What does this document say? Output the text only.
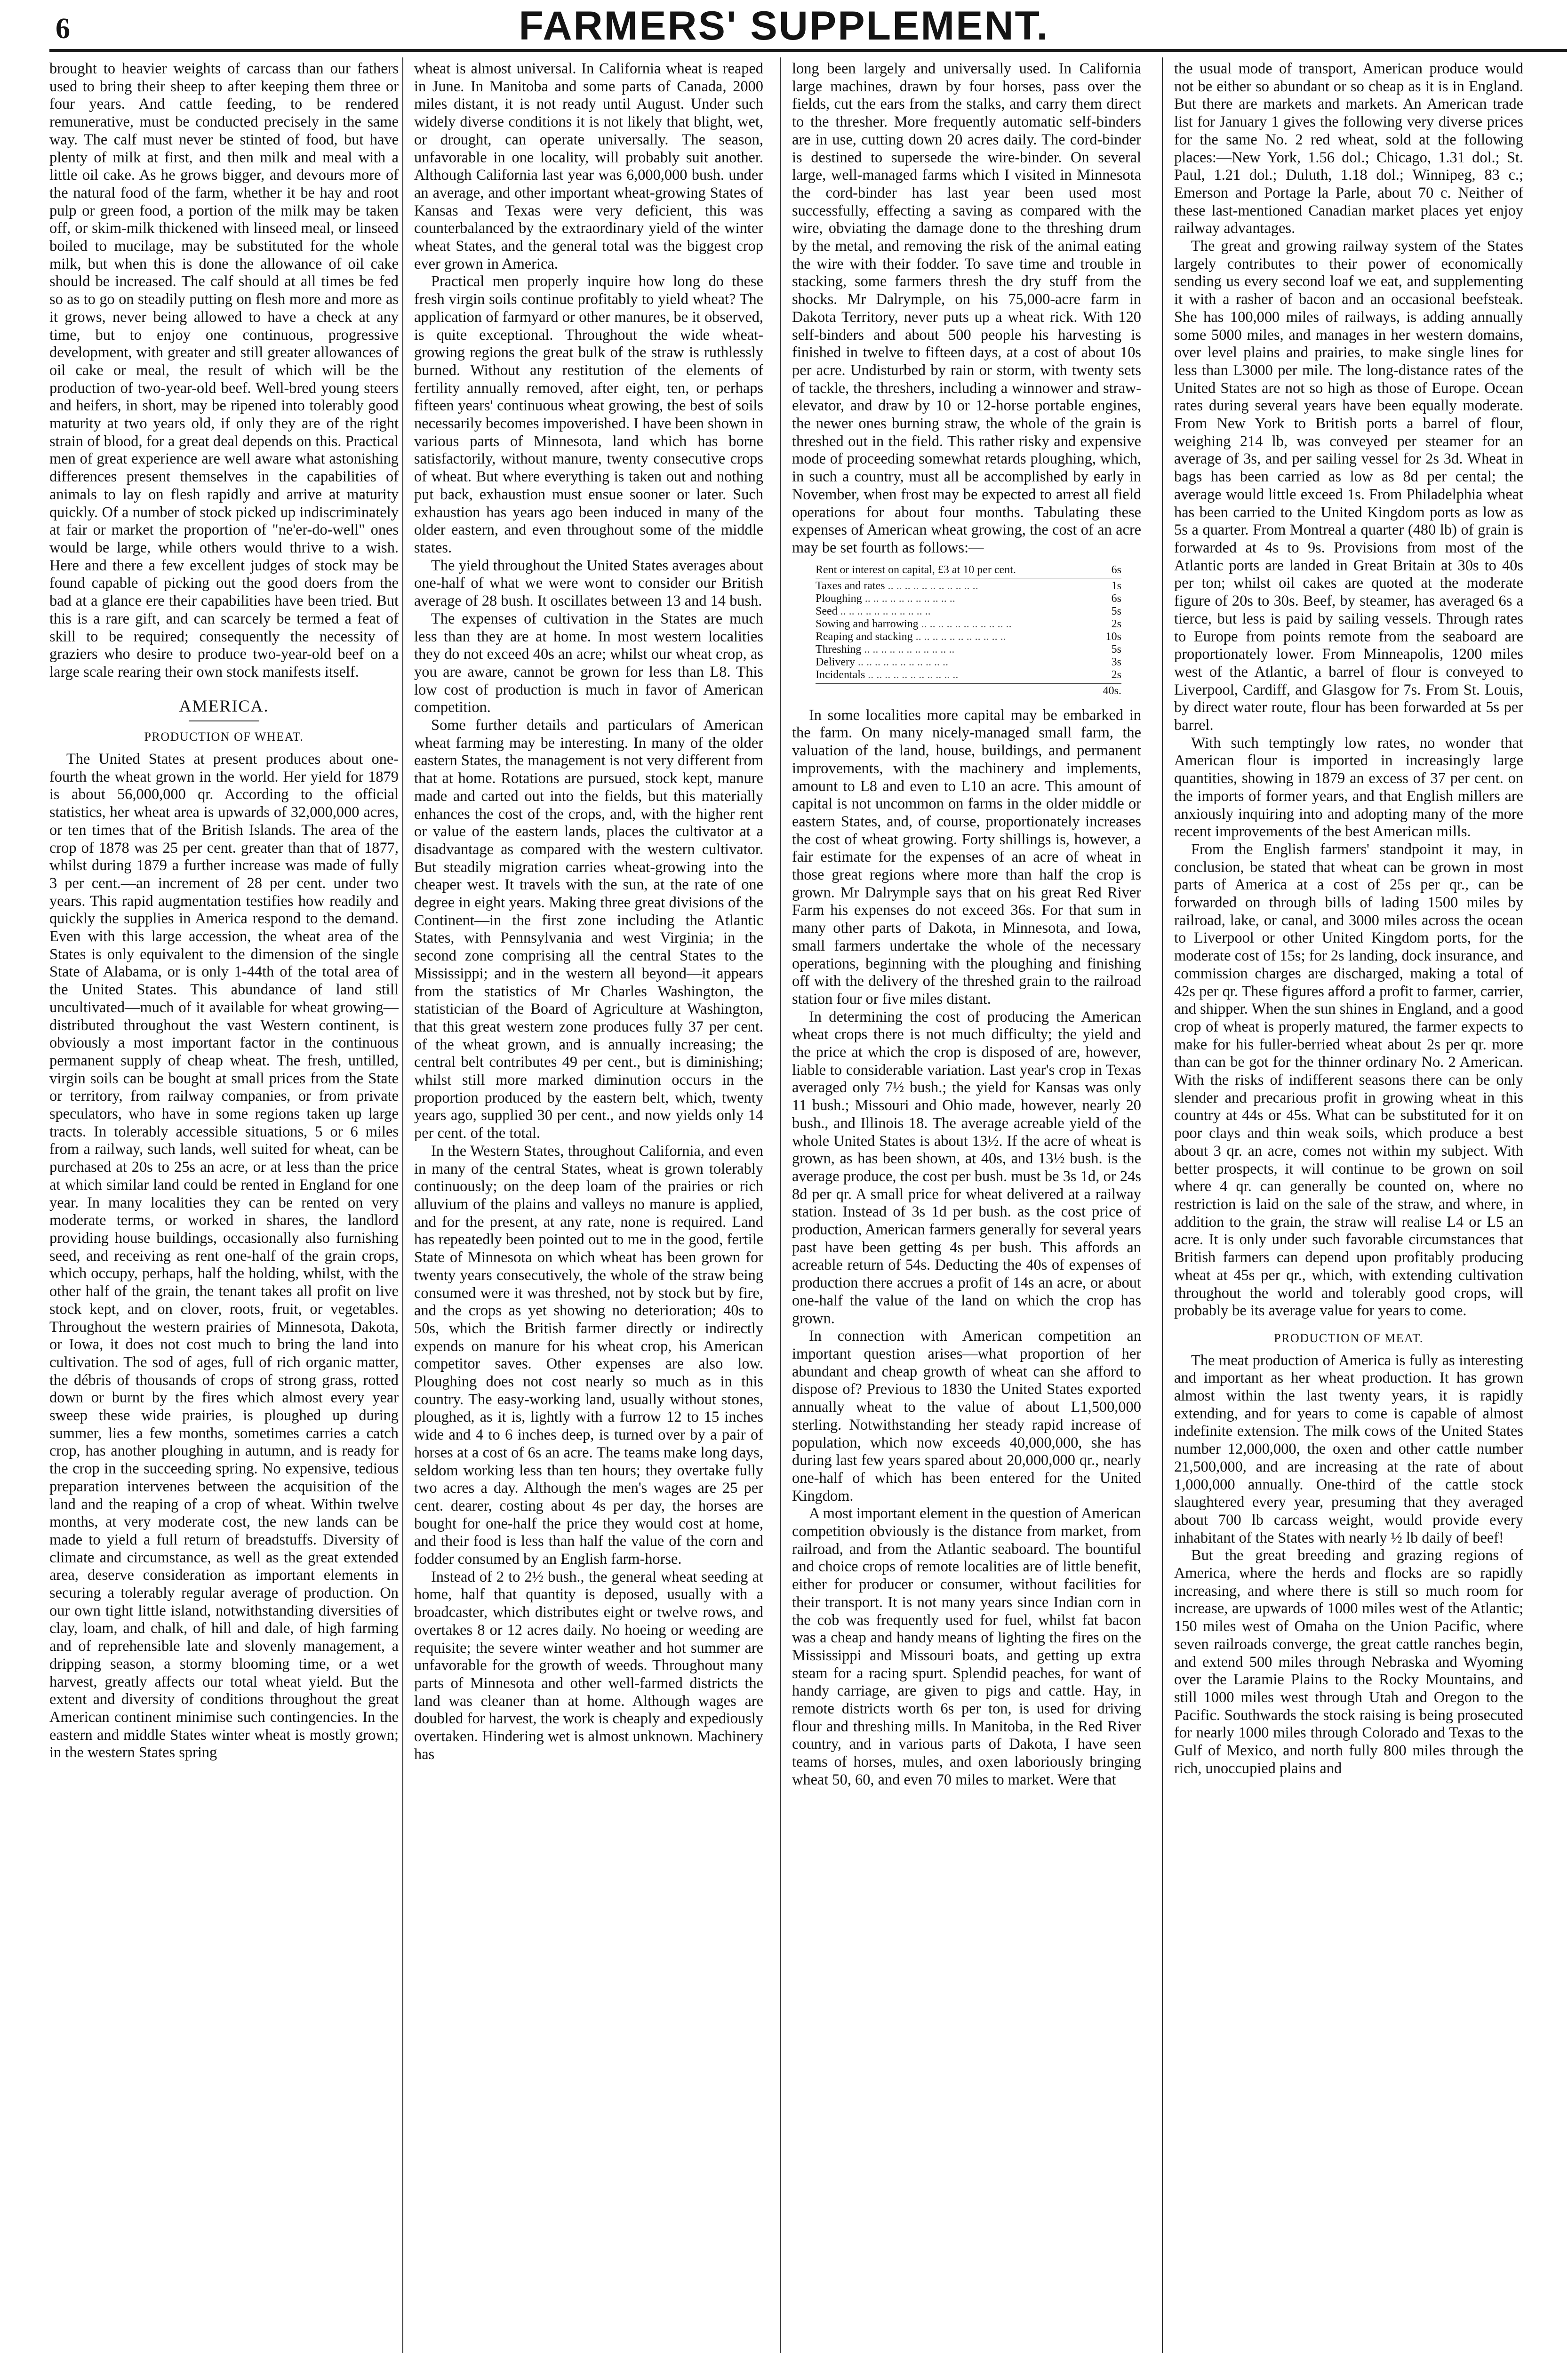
6	FARMERS' SUPPLEMENT.

brought to heavier weights of carcass than our fathers used to bring their sheep to after keeping them three or four years. And cattle feeding, to be rendered remunerative, must be conducted precisely in the same way. The calf must never be stinted of food, but have plenty of milk at first, and then milk and meal with a little oil cake. As he grows bigger, and devours more of the natural food of the farm, whether it be hay and root pulp or green food, a portion of the milk may be taken off, or skim-milk thickened with linseed meal, or linseed boiled to mucilage, may be substituted for the whole milk, but when this is done the allowance of oil cake should be increased. The calf should at all times be fed so as to go on steadily putting on flesh more and more as it grows, never being allowed to have a check at any time, but to enjoy one continuous, progressive development, with greater and still greater allowances of oil cake or meal, the result of which will be the production of two-year-old beef. Well-bred young steers and heifers, in short, may be ripened into tolerably good maturity at two years old, if only they are of the right strain of blood, for a great deal depends on this. Practical men of great experience are well aware what astonishing differences present themselves in the capabilities of animals to lay on flesh rapidly and arrive at maturity quickly. Of a number of stock picked up indiscriminately at fair or market the proportion of "ne'er-do-well" ones would be large, while others would thrive to a wish. Here and there a few excellent judges of stock may be found capable of picking out the good doers from the bad at a glance ere their capabilities have been tried. But this is a rare gift, and can scarcely be termed a feat of skill to be required; consequently the necessity of graziers who desire to produce two-year-old beef on a large scale rearing their own stock manifests itself.

AMERICA.
PRODUCTION OF WHEAT.

The United States at present produces about one-fourth the wheat grown in the world. Her yield for 1879 is about 56,000,000 qr. According to the official statistics, her wheat area is upwards of 32,000,000 acres, or ten times that of the British Islands. The area of the crop of 1878 was 25 per cent. greater than that of 1877, whilst during 1879 a further increase was made of fully 3 per cent.—an increment of 28 per cent. under two years. This rapid augmentation testifies how readily and quickly the supplies in America respond to the demand. Even with this large accession, the wheat area of the States is only equivalent to the dimension of the single State of Alabama, or is only 1-44th of the total area of the United States. This abundance of land still uncultivated—much of it available for wheat growing—distributed throughout the vast Western continent, is obviously a most important factor in the continuous permanent supply of cheap wheat. The fresh, untilled, virgin soils can be bought at small prices from the State or territory, from railway companies, or from private speculators, who have in some regions taken up large tracts. In tolerably accessible situations, 5 or 6 miles from a railway, such lands, well suited for wheat, can be purchased at 20s to 25s an acre, or at less than the price at which similar land could be rented in England for one year. In many localities they can be rented on very moderate terms, or worked in shares, the landlord providing house buildings, occasionally also furnishing seed, and receiving as rent one-half of the grain crops, which occupy, perhaps, half the holding, whilst, with the other half of the grain, the tenant takes all profit on live stock kept, and on clover, roots, fruit, or vegetables. Throughout the western prairies of Minnesota, Dakota, or Iowa, it does not cost much to bring the land into cultivation. The sod of ages, full of rich organic matter, the débris of thousands of crops of strong grass, rotted down or burnt by the fires which almost every year sweep these wide prairies, is ploughed up during summer, lies a few months, sometimes carries a catch crop, has another ploughing in autumn, and is ready for the crop in the succeeding spring. No expensive, tedious preparation intervenes between the acquisition of the land and the reaping of a crop of wheat. Within twelve months, at very moderate cost, the new lands can be made to yield a full return of breadstuffs. Diversity of climate and circumstance, as well as the great extended area, deserve consideration as important elements in securing a tolerably regular average of production. On our own tight little island, notwithstanding diversities of clay, loam, and chalk, of hill and dale, of high farming and of reprehensible late and slovenly management, a dripping season, a stormy blooming time, or a wet harvest, greatly affects our total wheat yield. But the extent and diversity of conditions throughout the great American continent minimise such contingencies. In the eastern and middle States winter wheat is mostly grown; in the western States spring

wheat is almost universal. In California wheat is reaped in June. In Manitoba and some parts of Canada, 2000 miles distant, it is not ready until August. Under such widely diverse conditions it is not likely that blight, wet, or drought, can operate universally. The season, unfavorable in one locality, will probably suit another. Although California last year was 6,000,000 bush. under an average, and other important wheat-growing States of Kansas and Texas were very deficient, this was counterbalanced by the extraordinary yield of the winter wheat States, and the general total was the biggest crop ever grown in America.

Practical men properly inquire how long do these fresh virgin soils continue profitably to yield wheat? The application of farmyard or other manures, be it observed, is quite exceptional. Throughout the wide wheat-growing regions the great bulk of the straw is ruthlessly burned. Without any restitution of the elements of fertility annually removed, after eight, ten, or perhaps fifteen years' continuous wheat growing, the best of soils necessarily becomes impoverished. I have been shown in various parts of Minnesota, land which has borne satisfactorily, without manure, twenty consecutive crops of wheat. But where everything is taken out and nothing put back, exhaustion must ensue sooner or later. Such exhaustion has years ago been induced in many of the older eastern, and even throughout some of the middle states.

The yield throughout the United States averages about one-half of what we were wont to consider our British average of 28 bush. It oscillates between 13 and 14 bush.

The expenses of cultivation in the States are much less than they are at home. In most western localities they do not exceed 40s an acre; whilst our wheat crop, as you are aware, cannot be grown for less than L8. This low cost of production is much in favor of American competition.

Some further details and particulars of American wheat farming may be interesting. In many of the older eastern States, the management is not very different from that at home. Rotations are pursued, stock kept, manure made and carted out into the fields, but this materially enhances the cost of the crops, and, with the higher rent or value of the eastern lands, places the cultivator at a disadvantage as compared with the western cultivator. But steadily migration carries wheat-growing into the cheaper west. It travels with the sun, at the rate of one degree in eight years. Making three great divisions of the Continent—in the first zone including the Atlantic States, with Pennsylvania and west Virginia; in the second zone comprising all the central States to the Mississippi; and in the western all beyond—it appears from the statistics of Mr Charles Washington, the statistician of the Board of Agriculture at Washington, that this great western zone produces fully 37 per cent. of the wheat grown, and is annually increasing; the central belt contributes 49 per cent., but is diminishing; whilst still more marked diminution occurs in the proportion produced by the eastern belt, which, twenty years ago, supplied 30 per cent., and now yields only 14 per cent. of the total.

In the Western States, throughout California, and even in many of the central States, wheat is grown tolerably continuously; on the deep loam of the prairies or rich alluvium of the plains and valleys no manure is applied, and for the present, at any rate, none is required. Land has repeatedly been pointed out to me in the good, fertile State of Minnesota on which wheat has been grown for twenty years consecutively, the whole of the straw being consumed were it was threshed, not by stock but by fire, and the crops as yet showing no deterioration; 40s to 50s, which the British farmer directly or indirectly expends on manure for his wheat crop, his American competitor saves. Other expenses are also low. Ploughing does not cost nearly so much as in this country. The easy-working land, usually without stones, ploughed, as it is, lightly with a furrow 12 to 15 inches wide and 4 to 6 inches deep, is turned over by a pair of horses at a cost of 6s an acre. The teams make long days, seldom working less than ten hours; they overtake fully two acres a day. Although the men's wages are 25 per cent. dearer, costing about 4s per day, the horses are bought for one-half the price they would cost at home, and their food is less than half the value of the corn and fodder consumed by an English farm-horse.

Instead of 2 to 2½ bush., the general wheat seeding at home, half that quantity is deposed, usually with a broadcaster, which distributes eight or twelve rows, and overtakes 8 or 12 acres daily. No hoeing or weeding are requisite; the severe winter weather and hot summer are unfavorable for the growth of weeds. Throughout many parts of Minnesota and other well-farmed districts the land was cleaner than at home. Although wages are doubled for harvest, the work is cheaply and expediously overtaken. Hindering wet is almost unknown. Machinery has

long been largely and universally used. In California large machines, drawn by four horses, pass over the fields, cut the ears from the stalks, and carry them direct to the thresher. More frequently automatic self-binders are in use, cutting down 20 acres daily. The cord-binder is destined to supersede the wire-binder. On several large, well-managed farms which I visited in Minnesota the cord-binder has last year been used most successfully, effecting a saving as compared with the wire, obviating the damage done to the threshing drum by the metal, and removing the risk of the animal eating the wire with their fodder. To save time and trouble in stacking, some farmers thresh the dry stuff from the shocks. Mr Dalrymple, on his 75,000-acre farm in Dakota Territory, never puts up a wheat rick. With 120 self-binders and about 500 people his harvesting is finished in twelve to fifteen days, at a cost of about 10s per acre. Undisturbed by rain or storm, with twenty sets of tackle, the threshers, including a winnower and straw-elevator, and draw by 10 or 12-horse portable engines, the newer ones burning straw, the whole of the grain is threshed out in the field. This rather risky and expensive mode of proceeding somewhat retards ploughing, which, in such a country, must all be accomplished by early in November, when frost may be expected to arrest all field operations for about four months. Tabulating these expenses of American wheat growing, the cost of an acre may be set fourth as follows:—

Rent or interest on capital, £3 at 10 per cent.	6s
Taxes and rates .. .. .. .. .. .. .. .. .. .. ..	1s
Ploughing .. .. .. .. .. .. .. .. .. .. ..	6s
Seed .. .. .. .. .. .. .. .. .. .. ..	5s
Sowing and harrowing .. .. .. .. .. .. .. .. .. .. ..	2s
Reaping and stacking .. .. .. .. .. .. .. .. .. .. ..	10s
Threshing .. .. .. .. .. .. .. .. .. .. ..	5s
Delivery .. .. .. .. .. .. .. .. .. .. ..	3s
Incidentals .. .. .. .. .. .. .. .. .. .. ..	2s
40s.

In some localities more capital may be embarked in the farm. On many nicely-managed small farm, the valuation of the land, house, buildings, and permanent improvements, with the machinery and implements, amount to L8 and even to L10 an acre. This amount of capital is not uncommon on farms in the older middle or eastern States, and, of course, proportionately increases the cost of wheat growing. Forty shillings is, however, a fair estimate for the expenses of an acre of wheat in those great regions where more than half the crop is grown. Mr Dalrymple says that on his great Red River Farm his expenses do not exceed 36s. For that sum in many other parts of Dakota, in Minnesota, and Iowa, small farmers undertake the whole of the necessary operations, beginning with the ploughing and finishing off with the delivery of the threshed grain to the railroad station four or five miles distant.

In determining the cost of producing the American wheat crops there is not much difficulty; the yield and the price at which the crop is disposed of are, however, liable to considerable variation. Last year's crop in Texas averaged only 7½ bush.; the yield for Kansas was only 11 bush.; Missouri and Ohio made, however, nearly 20 bush., and Illinois 18. The average acreable yield of the whole United States is about 13½. If the acre of wheat is grown, as has been shown, at 40s, and 13½ bush. is the average produce, the cost per bush. must be 3s 1d, or 24s 8d per qr. A small price for wheat delivered at a railway station. Instead of 3s 1d per bush. as the cost price of production, American farmers generally for several years past have been getting 4s per bush. This affords an acreable return of 54s. Deducting the 40s of expenses of production there accrues a profit of 14s an acre, or about one-half the value of the land on which the crop has grown.

In connection with American competition an important question arises—what proportion of her abundant and cheap growth of wheat can she afford to dispose of? Previous to 1830 the United States exported annually wheat to the value of about L1,500,000 sterling. Notwithstanding her steady rapid increase of population, which now exceeds 40,000,000, she has during last few years spared about 20,000,000 qr., nearly one-half of which has been entered for the United Kingdom.

A most important element in the question of American competition obviously is the distance from market, from railroad, and from the Atlantic seaboard. The bountiful and choice crops of remote localities are of little benefit, either for producer or consumer, without facilities for their transport. It is not many years since Indian corn in the cob was frequently used for fuel, whilst fat bacon was a cheap and handy means of lighting the fires on the Mississippi and Missouri boats, and getting up extra steam for a racing spurt. Splendid peaches, for want of handy carriage, are given to pigs and cattle. Hay, in remote districts worth 6s per ton, is used for driving flour and threshing mills. In Manitoba, in the Red River country, and in various parts of Dakota, I have seen teams of horses, mules, and oxen laboriously bringing wheat 50, 60, and even 70 miles to market. Were that

the usual mode of transport, American produce would not be either so abundant or so cheap as it is in England. But there are markets and markets. An American trade list for January 1 gives the following very diverse prices for the same No. 2 red wheat, sold at the following places:—New York, 1.56 dol.; Chicago, 1.31 dol.; St. Paul, 1.21 dol.; Duluth, 1.18 dol.; Winnipeg, 83 c.; Emerson and Portage la Parle, about 70 c. Neither of these last-mentioned Canadian market places yet enjoy railway advantages.

The great and growing railway system of the States largely contributes to their power of economically sending us every second loaf we eat, and supplementing it with a rasher of bacon and an occasional beefsteak. She has 100,000 miles of railways, is adding annually some 5000 miles, and manages in her western domains, over level plains and prairies, to make single lines for less than L3000 per mile. The long-distance rates of the United States are not so high as those of Europe. Ocean rates during several years have been equally moderate. From New York to British ports a barrel of flour, weighing 214 lb, was conveyed per steamer for an average of 3s, and per sailing vessel for 2s 3d. Wheat in bags has been carried as low as 8d per cental; the average would little exceed 1s. From Philadelphia wheat has been carried to the United Kingdom ports as low as 5s a quarter. From Montreal a quarter (480 lb) of grain is forwarded at 4s to 9s. Provisions from most of the Atlantic ports are landed in Great Britain at 30s to 40s per ton; whilst oil cakes are quoted at the moderate figure of 20s to 30s. Beef, by steamer, has averaged 6s a tierce, but less is paid by sailing vessels. Through rates to Europe from points remote from the seaboard are proportionately lower. From Minneapolis, 1200 miles west of the Atlantic, a barrel of flour is conveyed to Liverpool, Cardiff, and Glasgow for 7s. From St. Louis, by direct water route, flour has been forwarded at 5s per barrel.

With such temptingly low rates, no wonder that American flour is imported in increasingly large quantities, showing in 1879 an excess of 37 per cent. on the imports of former years, and that English millers are anxiously inquiring into and adopting many of the more recent improvements of the best American mills.

From the English farmers' standpoint it may, in conclusion, be stated that wheat can be grown in most parts of America at a cost of 25s per qr., can be forwarded on through bills of lading 1500 miles by railroad, lake, or canal, and 3000 miles across the ocean to Liverpool or other United Kingdom ports, for the moderate cost of 15s; for 2s landing, dock insurance, and commission charges are discharged, making a total of 42s per qr. These figures afford a profit to farmer, carrier, and shipper. When the sun shines in England, and a good crop of wheat is properly matured, the farmer expects to make for his fuller-berried wheat about 2s per qr. more than can be got for the thinner ordinary No. 2 American. With the risks of indifferent seasons there can be only slender and precarious profit in growing wheat in this country at 44s or 45s. What can be substituted for it on poor clays and thin weak soils, which produce a best about 3 qr. an acre, comes not within my subject. With better prospects, it will continue to be grown on soil where 4 qr. can generally be counted on, where no restriction is laid on the sale of the straw, and where, in addition to the grain, the straw will realise L4 or L5 an acre. It is only under such favorable circumstances that British farmers can depend upon profitably producing wheat at 45s per qr., which, with extending cultivation throughout the world and tolerably good crops, will probably be its average value for years to come.

PRODUCTION OF MEAT.

The meat production of America is fully as interesting and important as her wheat production. It has grown almost within the last twenty years, it is rapidly extending, and for years to come is capable of almost indefinite extension. The milk cows of the United States number 12,000,000, the oxen and other cattle number 21,500,000, and are increasing at the rate of about 1,000,000 annually. One-third of the cattle stock slaughtered every year, presuming that they averaged about 700 lb carcass weight, would provide every inhabitant of the States with nearly ½ lb daily of beef!

But the great breeding and grazing regions of America, where the herds and flocks are so rapidly increasing, and where there is still so much room for increase, are upwards of 1000 miles west of the Atlantic; 150 miles west of Omaha on the Union Pacific, where seven railroads converge, the great cattle ranches begin, and extend 500 miles through Nebraska and Wyoming over the Laramie Plains to the Rocky Mountains, and still 1000 miles west through Utah and Oregon to the Pacific. Southwards the stock raising is being prosecuted for nearly 1000 miles through Colorado and Texas to the Gulf of Mexico, and north fully 800 miles through the rich, unoccupied plains and
